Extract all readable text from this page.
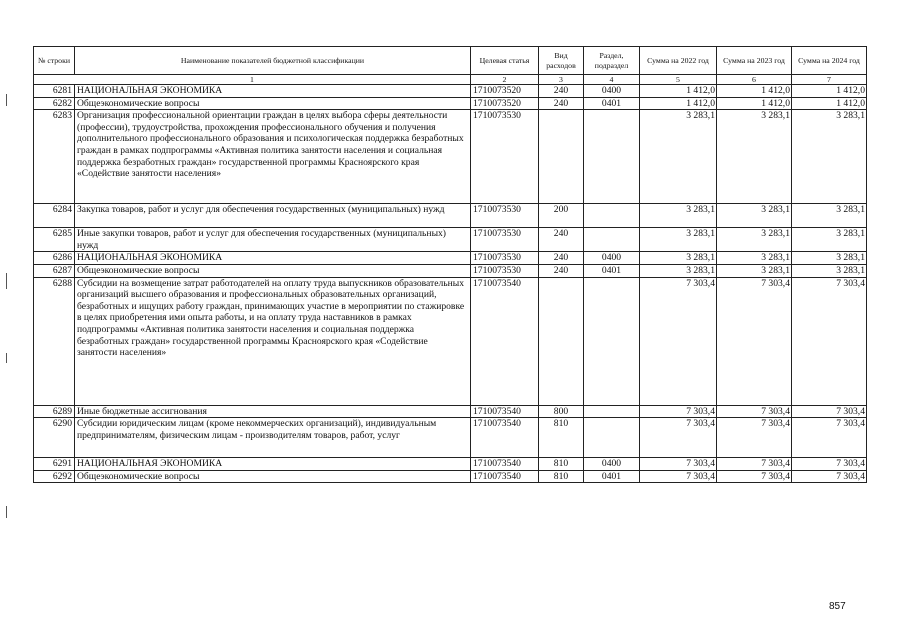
№ строки	Наименование показателей бюджетной классификации	Целевая статья	Вид расходов	Раздел, подраздел	Сумма на 2022 год	Сумма на 2023 год	Сумма на 2024 год
1		2	3	4	5	6	7
6281	НАЦИОНАЛЬНАЯ ЭКОНОМИКА	1710073520	240	0400	1 412,0	1 412,0	1 412,0
6282	Общеэкономические вопросы	1710073520	240	0401	1 412,0	1 412,0	1 412,0
6283	Организация профессиональной ориентации граждан в целях выбора сферы деятельности (профессии), трудоустройства, прохождения профессионального обучения и получения дополнительного профессионального образования и психологическая поддержка безработных граждан в рамках подпрограммы «Активная политика занятости населения и социальная поддержка безработных граждан» государственной программы Красноярского края «Содействие занятости населения»	1710073530			3 283,1	3 283,1	3 283,1
6284	Закупка товаров, работ и услуг для обеспечения государственных (муниципальных) нужд	1710073530	200		3 283,1	3 283,1	3 283,1
6285	Иные закупки товаров, работ и услуг для обеспечения государственных (муниципальных) нужд	1710073530	240		3 283,1	3 283,1	3 283,1
6286	НАЦИОНАЛЬНАЯ ЭКОНОМИКА	1710073530	240	0400	3 283,1	3 283,1	3 283,1
6287	Общеэкономические вопросы	1710073530	240	0401	3 283,1	3 283,1	3 283,1
6288	Субсидии на возмещение затрат работодателей на оплату труда выпускников образовательных организаций высшего образования и профессиональных образовательных организаций, безработных и ищущих работу граждан, принимающих участие в мероприятии по стажировке в целях приобретения ими опыта работы, и на оплату труда наставников в рамках подпрограммы «Активная политика занятости населения и социальная поддержка безработных граждан» государственной программы Красноярского края «Содействие занятости населения»	1710073540			7 303,4	7 303,4	7 303,4
6289	Иные бюджетные ассигнования	1710073540	800		7 303,4	7 303,4	7 303,4
6290	Субсидии юридическим лицам (кроме некоммерческих организаций), индивидуальным предпринимателям, физическим лицам - производителям товаров, работ, услуг	1710073540	810		7 303,4	7 303,4	7 303,4
6291	НАЦИОНАЛЬНАЯ ЭКОНОМИКА	1710073540	810	0400	7 303,4	7 303,4	7 303,4
6292	Общеэкономические вопросы	1710073540	810	0401	7 303,4	7 303,4	7 303,4
857
